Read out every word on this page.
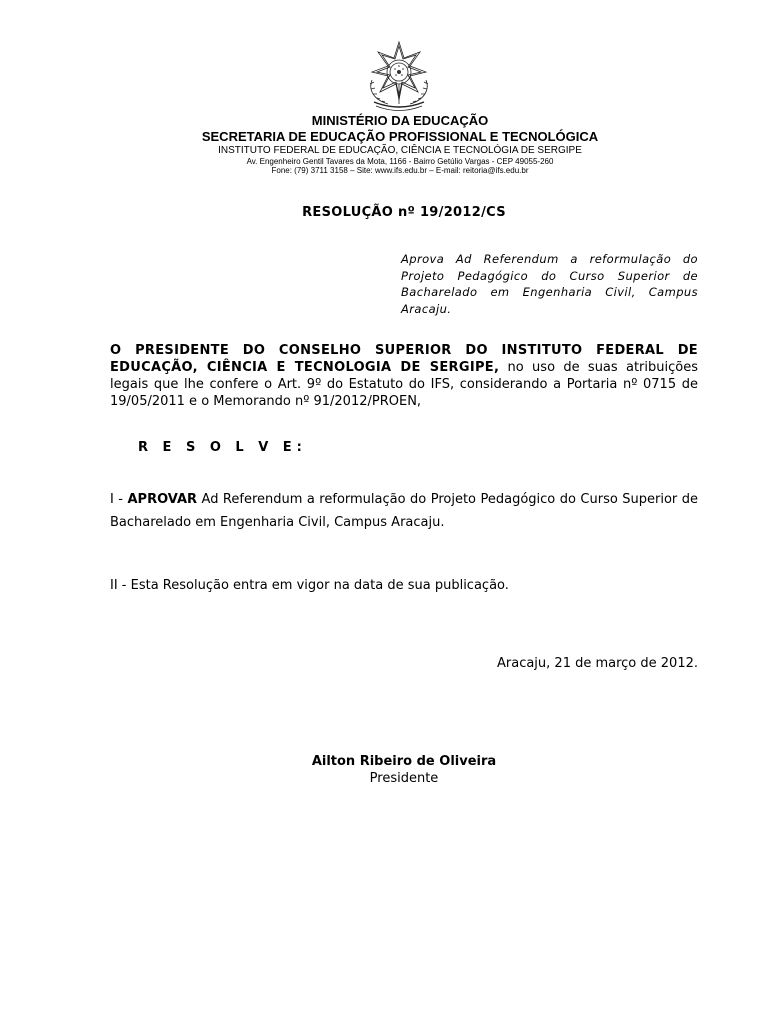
MINISTÉRIO DA EDUCAÇÃO
SECRETARIA DE EDUCAÇÃO PROFISSIONAL E TECNOLÓGICA
INSTITUTO FEDERAL DE EDUCAÇÃO, CIÊNCIA E TECNOLÓGIA DE SERGIPE
Av. Engenheiro Gentil Tavares da Mota, 1166 - Bairro Getúlio Vargas - CEP 49055-260
Fone: (79) 3711 3158 – Site: www.ifs.edu.br – E-mail: reitoria@ifs.edu.br
RESOLUÇÃO nº 19/2012/CS
Aprova Ad Referendum a reformulação do Projeto Pedagógico do Curso Superior de Bacharelado em Engenharia Civil, Campus Aracaju.
O PRESIDENTE DO CONSELHO SUPERIOR DO INSTITUTO FEDERAL DE EDUCAÇÃO, CIÊNCIA E TECNOLOGIA DE SERGIPE, no uso de suas atribuições legais que lhe confere o Art. 9º do Estatuto do IFS, considerando a Portaria nº 0715 de 19/05/2011 e o Memorando nº 91/2012/PROEN,
R E S O L V E:
I - APROVAR Ad Referendum a reformulação do Projeto Pedagógico do Curso Superior de Bacharelado em Engenharia Civil, Campus Aracaju.
II - Esta Resolução entra em vigor na data de sua publicação.
Aracaju, 21 de março de 2012.
Ailton Ribeiro de Oliveira
Presidente
